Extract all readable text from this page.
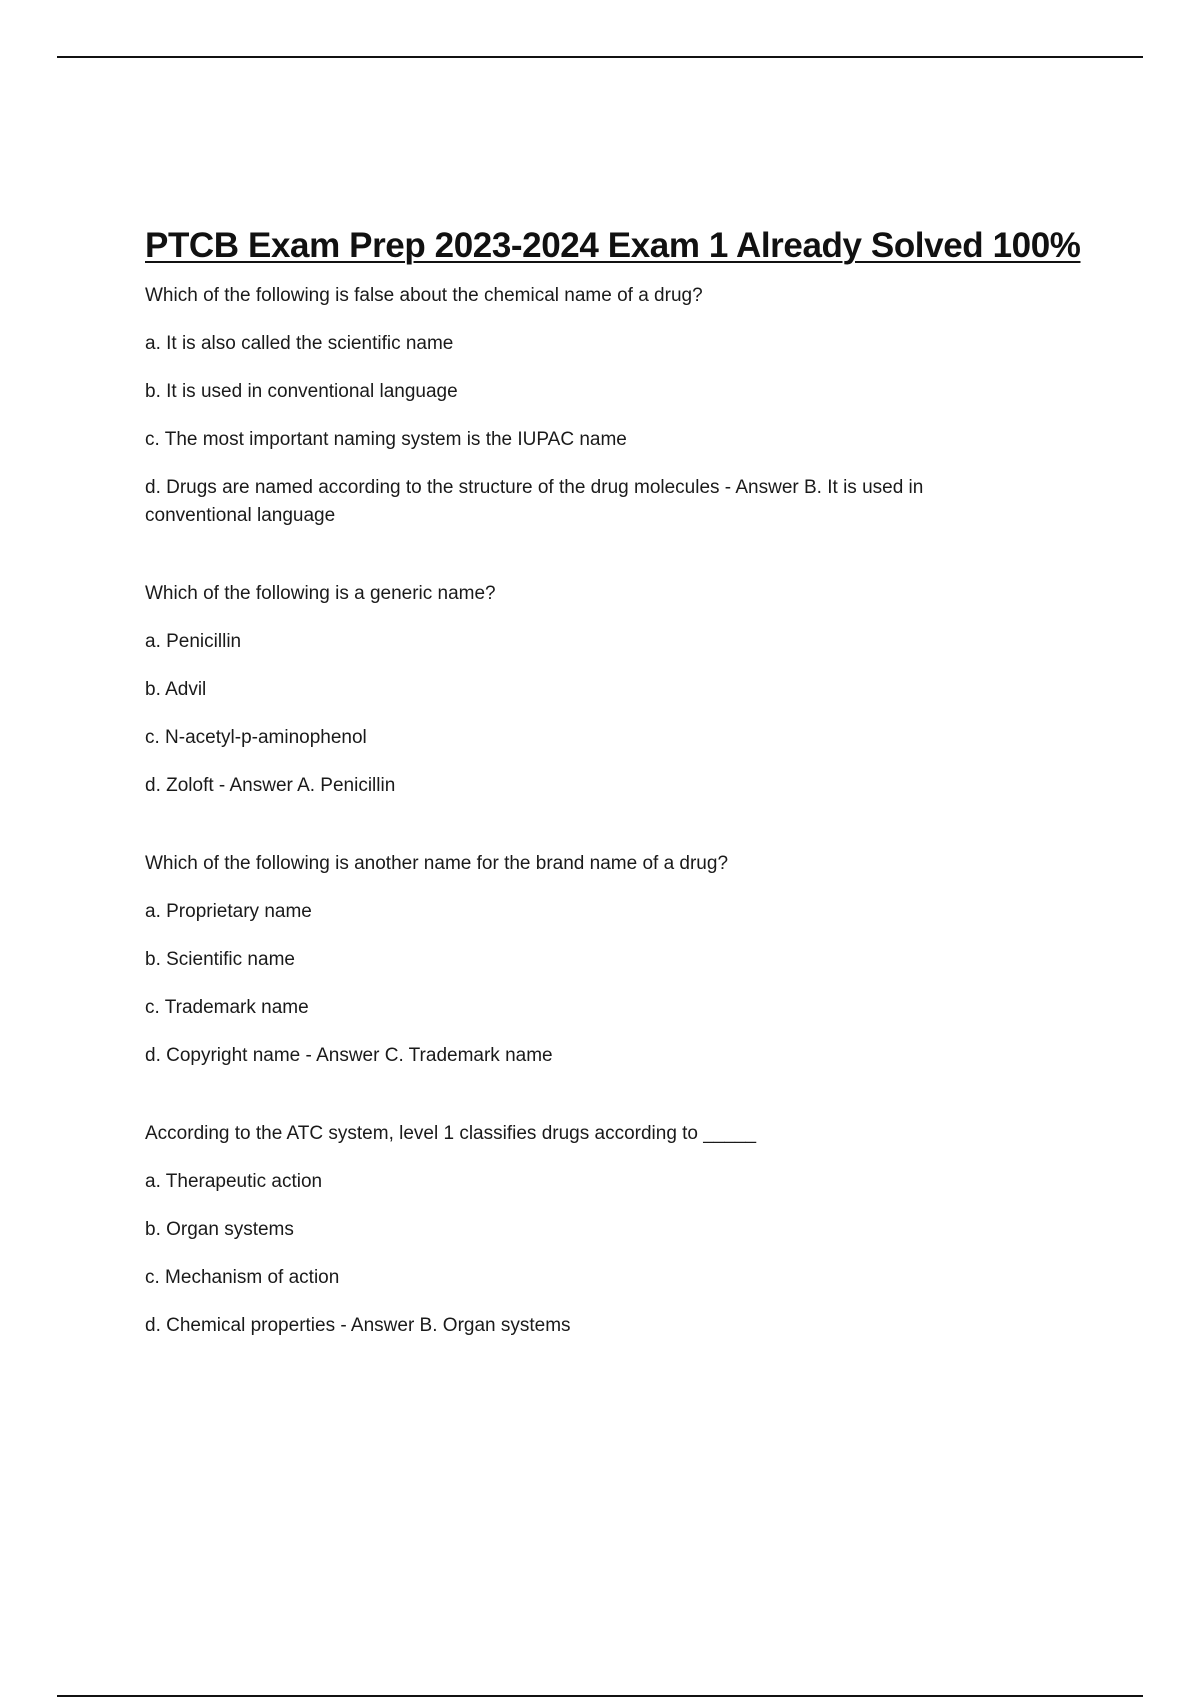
PTCB Exam Prep 2023-2024 Exam 1 Already Solved 100%

Which of the following is false about the chemical name of a drug?

a. It is also called the scientific name

b. It is used in conventional language

c. The most important naming system is the IUPAC name

d. Drugs are named according to the structure of the drug molecules - Answer B. It is used in conventional language

Which of the following is a generic name?

a. Penicillin

b. Advil

c. N-acetyl-p-aminophenol

d. Zoloft - Answer A. Penicillin

Which of the following is another name for the brand name of a drug?

a. Proprietary name

b. Scientific name

c. Trademark name

d. Copyright name - Answer C. Trademark name

According to the ATC system, level 1 classifies drugs according to _____

a. Therapeutic action

b. Organ systems

c. Mechanism of action

d. Chemical properties - Answer B. Organ systems
